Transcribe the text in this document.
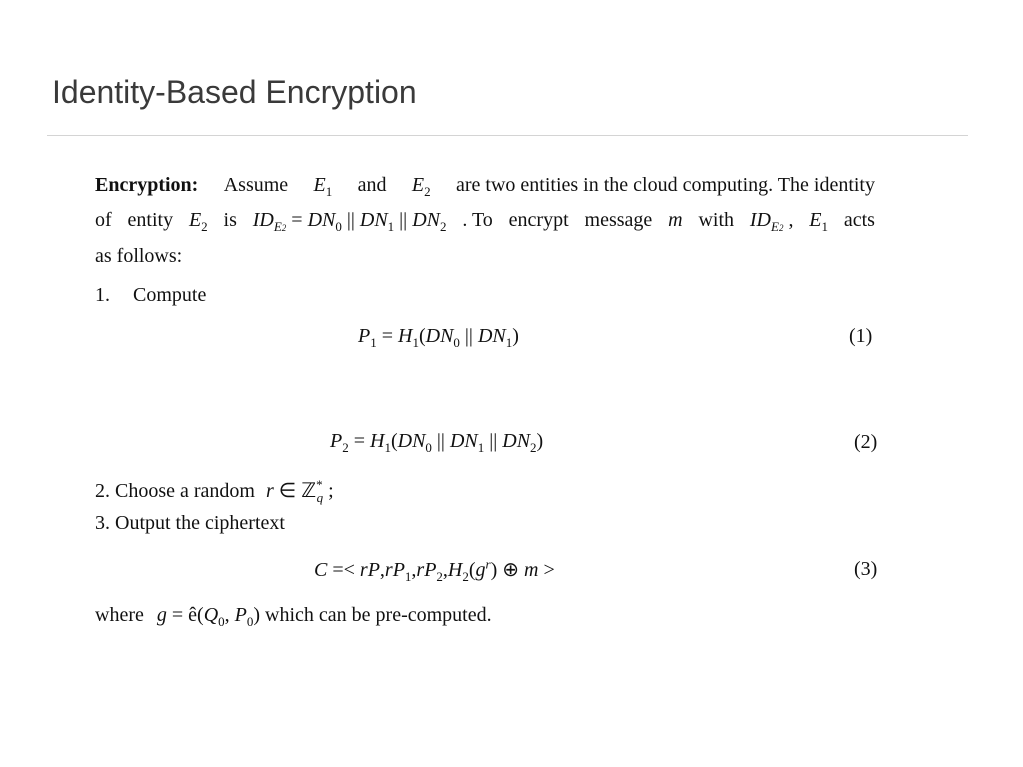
Identity-Based Encryption
Encryption: Assume $E_1$ and $E_2$ are two entities in the cloud computing. The identity
of entity $E_2$ is $ID_{E2} = DN_0$ || $DN_1$ || $DN_2$ . To encrypt message m with $ID_{E2}$ , $E_1$ acts
as follows:
1. Compute
$P_1 = H_1(DN_0$ || $DN_1$)	(1)
$P_2 = H_1(DN_0$ || $DN_1$ || $DN_2$)	(2)
2. Choose a random r ∈ ℤ*$_q$ ;
3. Output the ciphertext
$C =< rP,rP_1,rP_2,H_2(g^r)$ ⊕ m >	(3)
where $g = ê(Q_0$, $P_0$) which can be pre-computed.
